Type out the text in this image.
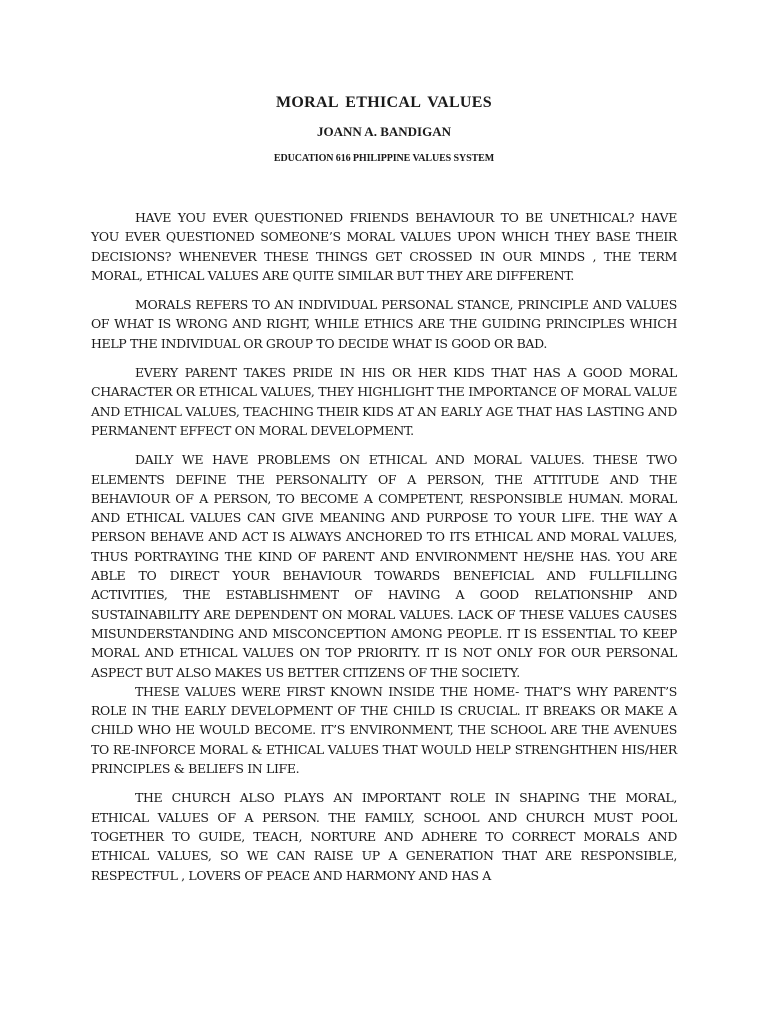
MORAL ETHICAL VALUES
JOANN A. BANDIGAN
EDUCATION 616 PHILIPPINE VALUES SYSTEM

HAVE YOU EVER QUESTIONED FRIENDS BEHAVIOUR TO BE UNETHICAL? HAVE YOU EVER QUESTIONED SOMEONE’S MORAL VALUES UPON WHICH THEY BASE THEIR DECISIONS? WHENEVER THESE THINGS GET CROSSED IN OUR MINDS , THE TERM MORAL, ETHICAL VALUES ARE QUITE SIMILAR BUT THEY ARE DIFFERENT.

MORALS REFERS TO AN INDIVIDUAL PERSONAL STANCE, PRINCIPLE AND VALUES OF WHAT IS WRONG AND RIGHT, WHILE ETHICS ARE THE GUIDING PRINCIPLES WHICH HELP THE INDIVIDUAL OR GROUP TO DECIDE WHAT IS GOOD OR BAD.

EVERY PARENT TAKES PRIDE IN HIS OR HER KIDS THAT HAS A GOOD MORAL CHARACTER OR ETHICAL VALUES, THEY HIGHLIGHT THE IMPORTANCE OF MORAL VALUE AND ETHICAL VALUES, TEACHING THEIR KIDS AT AN EARLY AGE THAT HAS LASTING AND PERMANENT EFFECT ON MORAL DEVELOPMENT.

DAILY WE HAVE PROBLEMS ON ETHICAL AND MORAL VALUES. THESE TWO ELEMENTS DEFINE THE PERSONALITY OF A PERSON, THE ATTITUDE AND THE BEHAVIOUR OF A PERSON, TO BECOME A COMPETENT, RESPONSIBLE HUMAN. MORAL AND ETHICAL VALUES CAN GIVE MEANING AND PURPOSE TO YOUR LIFE. THE WAY A PERSON BEHAVE AND ACT IS ALWAYS ANCHORED TO ITS ETHICAL AND MORAL VALUES, THUS PORTRAYING THE KIND OF PARENT AND ENVIRONMENT HE/SHE HAS. YOU ARE ABLE TO DIRECT YOUR BEHAVIOUR TOWARDS BENEFICIAL AND FULLFILLING ACTIVITIES, THE ESTABLISHMENT OF HAVING A GOOD RELATIONSHIP AND SUSTAINABILITY ARE DEPENDENT ON MORAL VALUES. LACK OF THESE VALUES CAUSES MISUNDERSTANDING AND MISCONCEPTION AMONG PEOPLE. IT IS ESSENTIAL TO KEEP MORAL AND ETHICAL VALUES ON TOP PRIORITY. IT IS NOT ONLY FOR OUR PERSONAL ASPECT BUT ALSO MAKES US BETTER CITIZENS OF THE SOCIETY.

THESE VALUES WERE FIRST KNOWN INSIDE THE HOME- THAT’S WHY PARENT’S ROLE IN THE EARLY DEVELOPMENT OF THE CHILD IS CRUCIAL. IT BREAKS OR MAKE A CHILD WHO HE WOULD BECOME. IT’S ENVIRONMENT, THE SCHOOL ARE THE AVENUES TO RE-INFORCE MORAL & ETHICAL VALUES THAT WOULD HELP STRENGHTHEN HIS/HER PRINCIPLES & BELIEFS IN LIFE.

THE CHURCH ALSO PLAYS AN IMPORTANT ROLE IN SHAPING THE MORAL, ETHICAL VALUES OF A PERSON. THE FAMILY, SCHOOL AND CHURCH MUST POOL TOGETHER TO GUIDE, TEACH, NORTURE AND ADHERE TO CORRECT MORALS AND ETHICAL VALUES, SO WE CAN RAISE UP A GENERATION THAT ARE RESPONSIBLE, RESPECTFUL , LOVERS OF PEACE AND HARMONY AND HAS A
